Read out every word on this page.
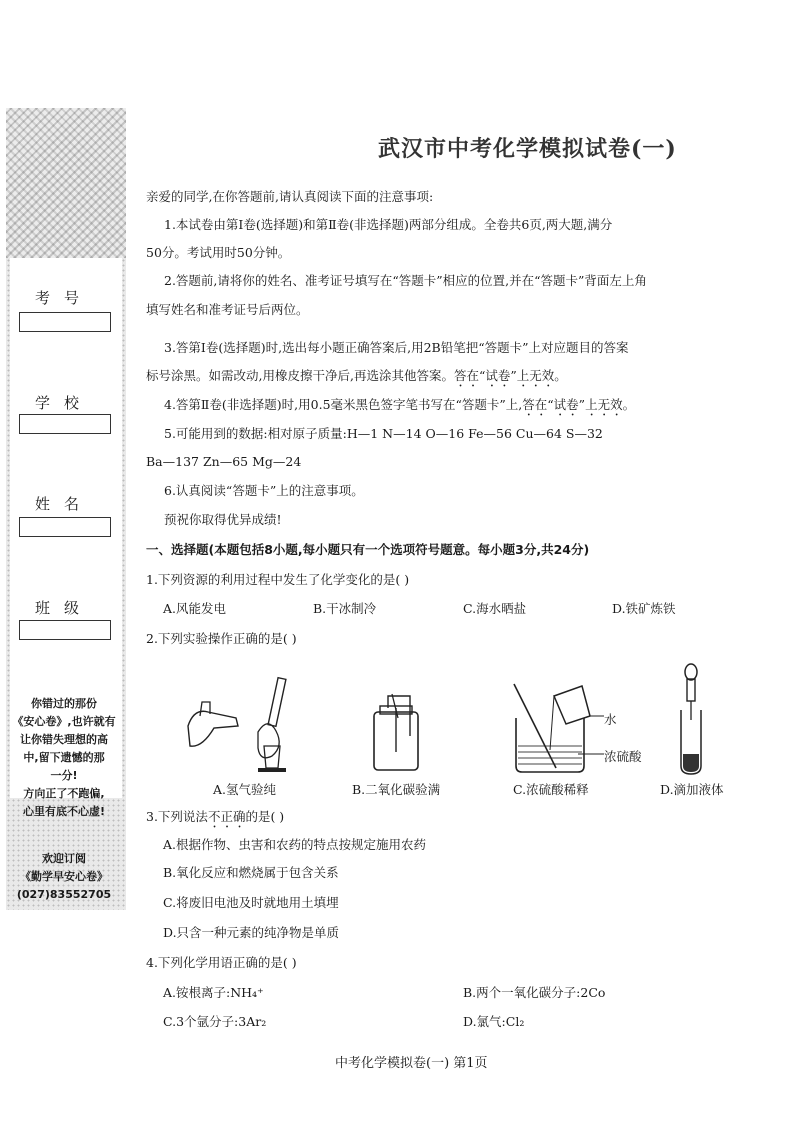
考号
学校
姓名
班级
你错过的那份
《安心卷》,也许就有
让你错失理想的高
中,留下遗憾的那
一分!
方向正了不跑偏,
心里有底不心虚!
欢迎订阅
《勤学早安心卷》
(027)83552705
武汉市中考化学模拟试卷(一)
亲爱的同学,在你答题前,请认真阅读下面的注意事项:
1.本试卷由第Ⅰ卷(选择题)和第Ⅱ卷(非选择题)两部分组成。全卷共6页,两大题,满分
50分。考试用时50分钟。
2.答题前,请将你的姓名、准考证号填写在“答题卡”相应的位置,并在“答题卡”背面左上角
填写姓名和准考证号后两位。
3.答第Ⅰ卷(选择题)时,选出每小题正确答案后,用2B铅笔把“答题卡”上对应题目的答案
标号涂黑。如需改动,用橡皮擦干净后,再选涂其他答案。答在“试卷”上无效。
4.答第Ⅱ卷(非选择题)时,用0.5毫米黑色签字笔书写在“答题卡”上,答在“试卷”上无效。
5.可能用到的数据:相对原子质量:H—1 N—14 O—16 Fe—56 Cu—64 S—32
Ba—137 Zn—65 Mg—24
6.认真阅读“答题卡”上的注意事项。
预祝你取得优异成绩!
一、选择题(本题包括8小题,每小题只有一个选项符号题意。每小题3分,共24分)
1.下列资源的利用过程中发生了化学变化的是( )
A.风能发电	B.干冰制冷	C.海水晒盐	D.铁矿炼铁
2.下列实验操作正确的是( )
水
浓硫酸
A.氢气验纯	B.二氧化碳验满	C.浓硫酸稀释	D.滴加液体
3.下列说法不正确的是( )
A.根据作物、虫害和农药的特点按规定施用农药
B.氧化反应和燃烧属于包含关系
C.将废旧电池及时就地用土填埋
D.只含一种元素的纯净物是单质
4.下列化学用语正确的是( )
A.铵根离子:NH₄⁺	B.两个一氧化碳分子:2Co
C.3个氩分子:3Ar₂	D.氯气:Cl₂
中考化学模拟卷(一) 第1页
